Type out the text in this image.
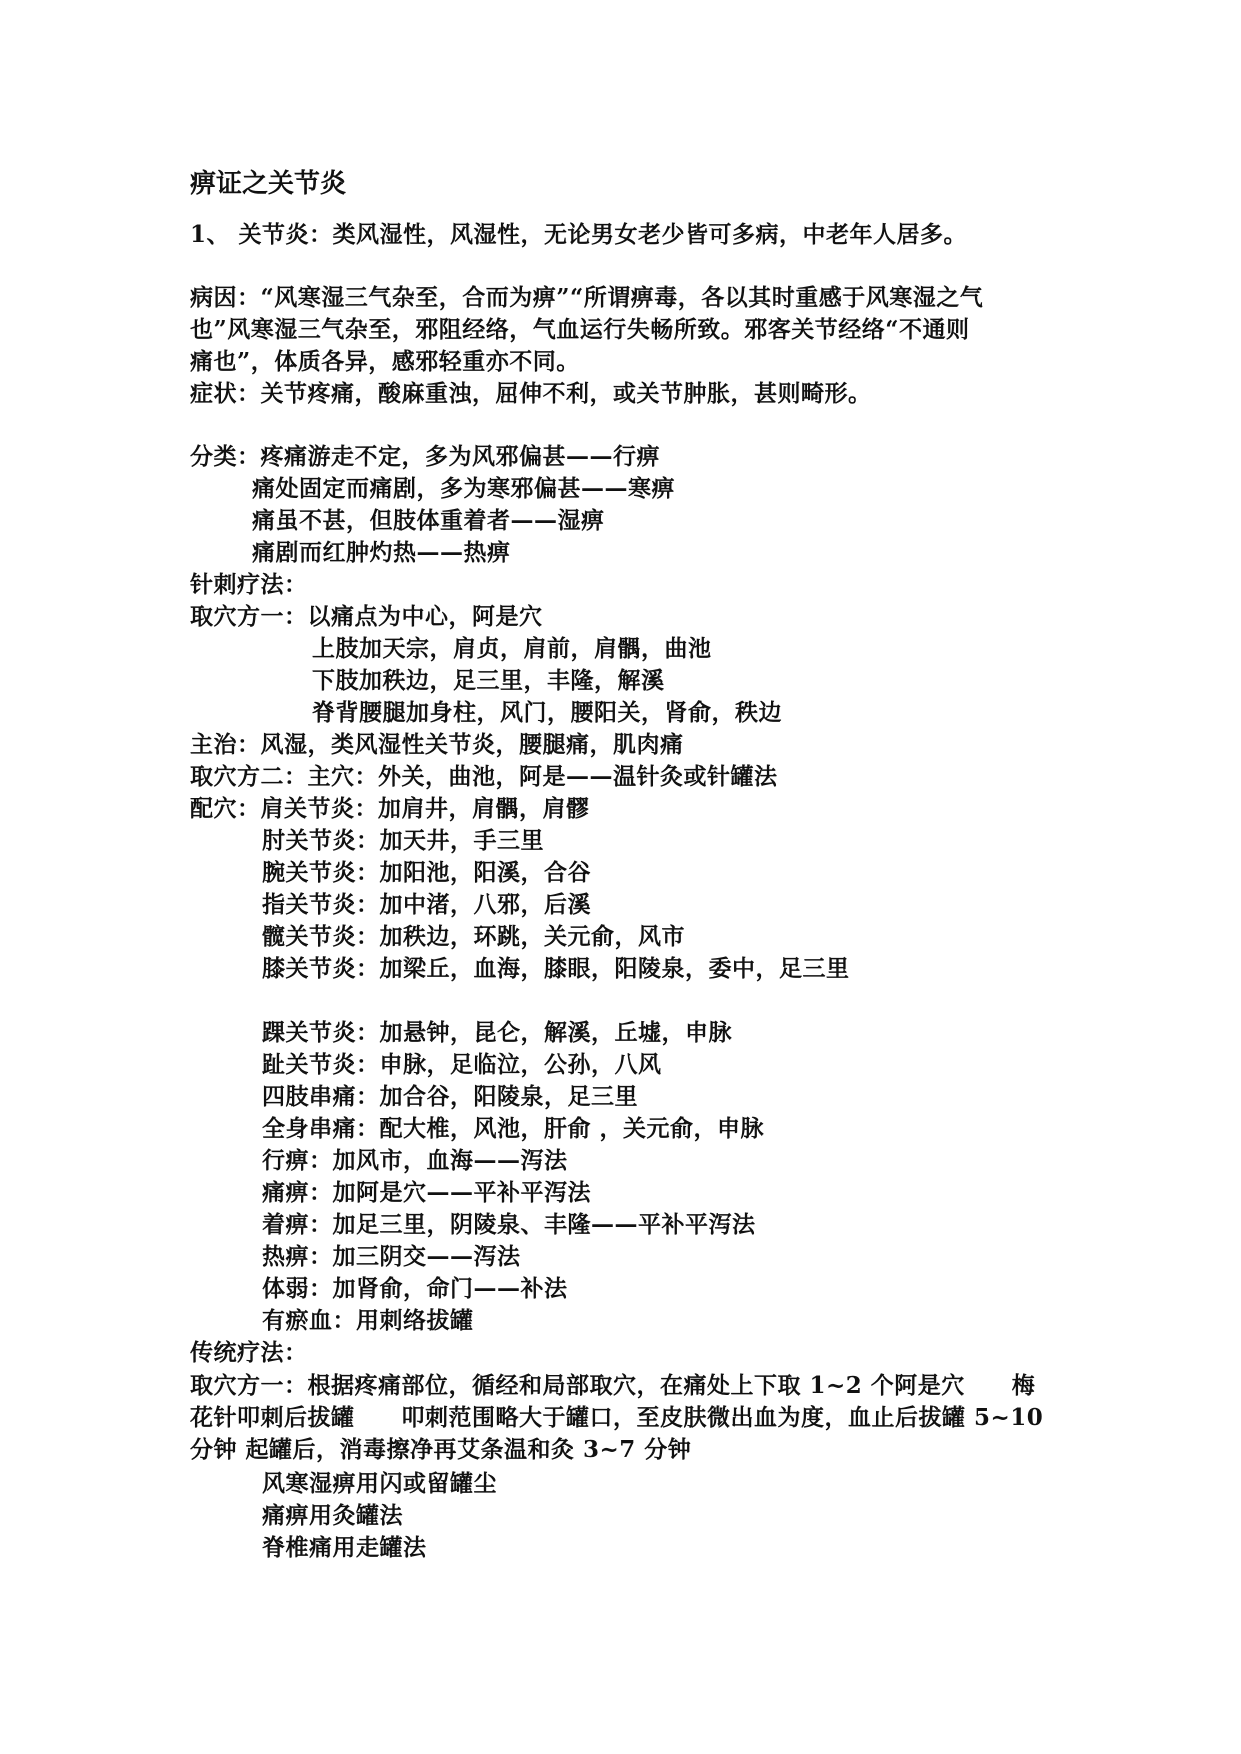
痹证之关节炎
1、 关节炎：类风湿性，风湿性，无论男女老少皆可多病，中老年人居多。
病因：“风寒湿三气杂至，合而为痹”“所谓痹毒，各以其时重感于风寒湿之气
也”风寒湿三气杂至，邪阻经络，气血运行失畅所致。邪客关节经络“不通则
痛也”，体质各异，感邪轻重亦不同。
症状：关节疼痛，酸麻重浊，屈伸不利，或关节肿胀，甚则畸形。
分类：疼痛游走不定，多为风邪偏甚——行痹
痛处固定而痛剧，多为寒邪偏甚——寒痹
痛虽不甚，但肢体重着者——湿痹
痛剧而红肿灼热——热痹
针刺疗法：
取穴方一：以痛点为中心，阿是穴
上肢加天宗，肩贞，肩前，肩髃，曲池
下肢加秩边，足三里，丰隆，解溪
脊背腰腿加身柱，风门，腰阳关，肾俞，秩边
主治：风湿，类风湿性关节炎，腰腿痛，肌肉痛
取穴方二：主穴：外关，曲池，阿是——温针灸或针罐法
配穴：肩关节炎：加肩井，肩髃，肩髎
肘关节炎：加天井，手三里
腕关节炎：加阳池，阳溪，合谷
指关节炎：加中渚，八邪，后溪
髋关节炎：加秩边，环跳，关元俞，风市
膝关节炎：加梁丘，血海，膝眼，阳陵泉，委中，足三里
踝关节炎：加悬钟，昆仑，解溪，丘墟，申脉
趾关节炎：申脉，足临泣，公孙，八风
四肢串痛：加合谷，阳陵泉，足三里
全身串痛：配大椎，风池，肝俞 ，关元俞，申脉
行痹：加风市，血海——泻法
痛痹：加阿是穴——平补平泻法
着痹：加足三里，阴陵泉、丰隆——平补平泻法
热痹：加三阴交——泻法
体弱：加肾俞，命门——补法
有瘀血：用刺络拔罐
传统疗法：
取穴方一：根据疼痛部位，循经和局部取穴，在痛处上下取 1~2 个阿是穴　　梅
花针叩刺后拔罐　　叩刺范围略大于罐口，至皮肤微出血为度，血止后拔罐 5~10
分钟 起罐后，消毒擦净再艾条温和灸 3~7 分钟
风寒湿痹用闪或留罐尘
痛痹用灸罐法
脊椎痛用走罐法
